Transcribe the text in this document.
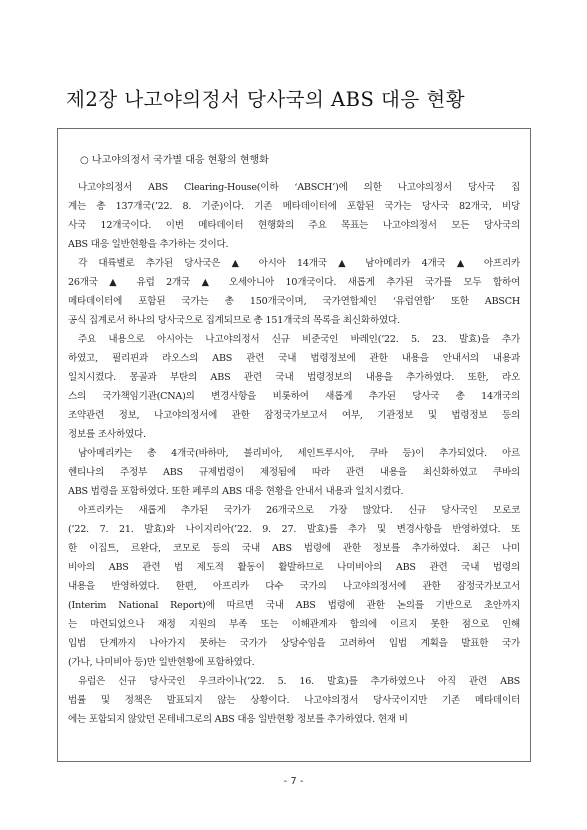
제2장 나고야의정서 당사국의 ABS 대응 현황
○ 나고야의정서 국가별 대응 현황의 현행화
나고야의정서 ABS Clearing-House(이하 ‘ABSCH’)에 의한 나고야의정서 당사국 집
계는 총 137개국(’22. 8. 기준)이다. 기존 메타데이터에 포함된 국가는 당사국 82개국, 비당
사국 12개국이다. 이번 메타데이터 현행화의 주요 목표는 나고야의정서 모든 당사국의
ABS 대응 일반현황을 추가하는 것이다.
각 대륙별로 추가된 당사국은 ▲ 아시아 14개국 ▲ 남아메리카 4개국 ▲ 아프리카
26개국 ▲ 유럽 2개국 ▲ 오세아니아 10개국이다. 새롭게 추가된 국가를 모두 합하여
메타데이터에 포함된 국가는 총 150개국이며, 국가연합체인 ‘유럽연합’ 또한 ABSCH
공식 집계로서 하나의 당사국으로 집계되므로 총 151개국의 목록을 최신화하였다.
주요 내용으로 아시아는 나고야의정서 신규 비준국인 바레인(’22. 5. 23. 발효)을 추가
하였고, 필리핀과 라오스의 ABS 관련 국내 법령정보에 관한 내용을 안내서의 내용과
일치시켰다. 몽골과 부탄의 ABS 관련 국내 법령정보의 내용을 추가하였다. 또한, 라오
스의 국가책임기관(CNA)의 변경사항을 비롯하여 새롭게 추가된 당사국 총 14개국의
조약관련 정보, 나고야의정서에 관한 잠정국가보고서 여부, 기관정보 및 법령정보 등의
정보를 조사하였다.
남아메리카는 총 4개국(바하마, 볼리비아, 세인트루시아, 쿠바 등)이 추가되었다. 아르
헨티나의 주정부 ABS 규제법령이 제정됨에 따라 관련 내용을 최신화하였고 쿠바의
ABS 법령을 포함하였다. 또한 페루의 ABS 대응 현황을 안내서 내용과 일치시켰다.
아프리카는 새롭게 추가된 국가가 26개국으로 가장 많았다. 신규 당사국인 모로코
(’22. 7. 21. 발효)와 나이지리아(’22. 9. 27. 발효)를 추가 및 변경사항을 반영하였다. 또
한 이집트, 르완다, 코모로 등의 국내 ABS 법령에 관한 정보를 추가하였다. 최근 나미
비아의 ABS 관련 법 제도적 활동이 활발하므로 나미비아의 ABS 관련 국내 법령의
내용을 반영하였다. 한편, 아프리카 다수 국가의 나고야의정서에 관한 잠정국가보고서
(Interim National Report)에 따르면 국내 ABS 법령에 관한 논의를 기반으로 초안까지
는 마련되었으나 재정 지원의 부족 또는 이해관계자 합의에 이르지 못한 점으로 인해
입법 단계까지 나아가지 못하는 국가가 상당수임을 고려하여 입법 계획을 발표한 국가
(가나, 나미비아 등)만 일반현황에 포함하였다.
유럽은 신규 당사국인 우크라이나(’22. 5. 16. 발효)를 추가하였으나 아직 관련 ABS
법률 및 정책은 발표되지 않는 상황이다. 나고야의정서 당사국이지만 기존 메타데이터
에는 포함되지 않았던 몬테네그로의 ABS 대응 일반현황 정보를 추가하였다. 현재 비
- 7 -
